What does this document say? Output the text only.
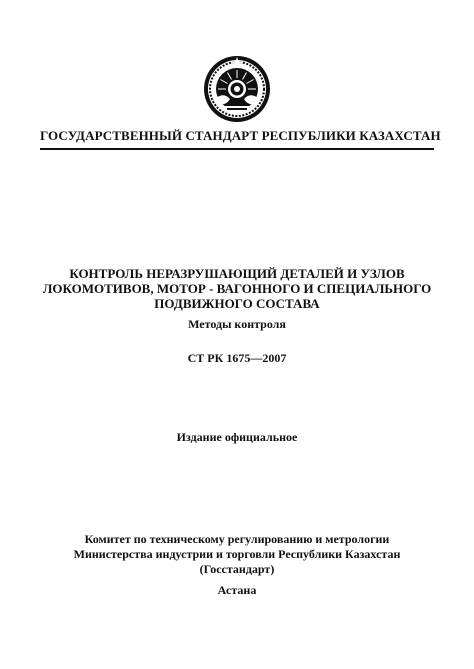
ГОСУДАРСТВЕННЫЙ СТАНДАРТ РЕСПУБЛИКИ КАЗАХСТАН
КОНТРОЛЬ НЕРАЗРУШАЮЩИЙ ДЕТАЛЕЙ И УЗЛОВ
ЛОКОМОТИВОВ, МОТОР - ВАГОННОГО И СПЕЦИАЛЬНОГО
ПОДВИЖНОГО СОСТАВА
Методы контроля
СТ РК 1675—2007
Издание официальное
Комитет по техническому регулированию и метрологии
Министерства индустрии и торговли Республики Казахстан
(Госстандарт)
Астана
